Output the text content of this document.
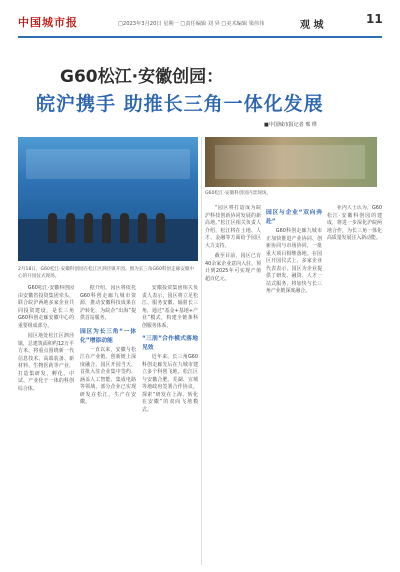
中国城市报	□2023年3月20日 星期一 □责任编辑 刘 昇 □美术编辑 梁伟伟	观 城	11
G60松江·安徽创园：
皖沪携手 助推长三角一体化发展
■中国城市报记者 邢 桦
2月18日，G60松江·安徽科创园在松江区泗泾镇开园。图为长三角G60科创走廊安徽中心的开园仪式现场。
G60松江·安徽科创园内景现场。

G60松江·安徽科创园由安徽省投资集团牵头，联合皖沪两地多家企业共同投资建设，是长三角G60科创走廊安徽中心的重要组成部分。

园区地处松江区泗泾镇，总建筑面积约12万平方米，将重点围绕新一代信息技术、高端装备、新材料、生物医药等产业，打造集研发、孵化、中试、产业化于一体的科创综合体。

据介绍，园区将依托G60科创走廊九城市资源，推动安徽科技成果在沪转化，为皖企“出海”提供首站服务。

园区为长三角“一体化”增添动能

一直以来，安徽与松江在产业链、创新链上深度融合。园区开园当天，首批入驻企业集中签约，涵盖人工智能、集成电路等领域，部分企业已实现研发在松江、生产在安徽。

安徽投资集团相关负责人表示，园区将立足松江、服务安徽、辐射长三角，通过“基金+基地+产业”模式，构建全链条科创服务体系。

“三朋”合作模式落地见效

近年来，长三角G60科创走廊先后在九城市建立多个科创飞地。松江区与安徽合肥、芜湖、宣城等地政府签署合作协议，探索“研发在上海、转化在安徽”的双向飞地模式。

“园区将打造成为皖沪科技创新协同发展的新高地。”松江区相关负责人介绍，松江将在土地、人才、金融等方面给予园区大力支持。

截至目前，园区已有40余家企业意向入驻，预计到2025年可实现产值超百亿元。

园区与企业“双向奔赴”

G60科创走廊九城市正加快推进产业协同、创新协同与市场协同，一批重大项目相继落地。在园区开园仪式上，多家企业代表表示，园区为企业提供了研发、融资、人才一站式服务，将加快与长三角产业链深度融合。

业内人士认为，G60松江·安徽科创园的建成，将进一步深化沪皖两地合作，为长三角一体化高质量发展注入新动能。
